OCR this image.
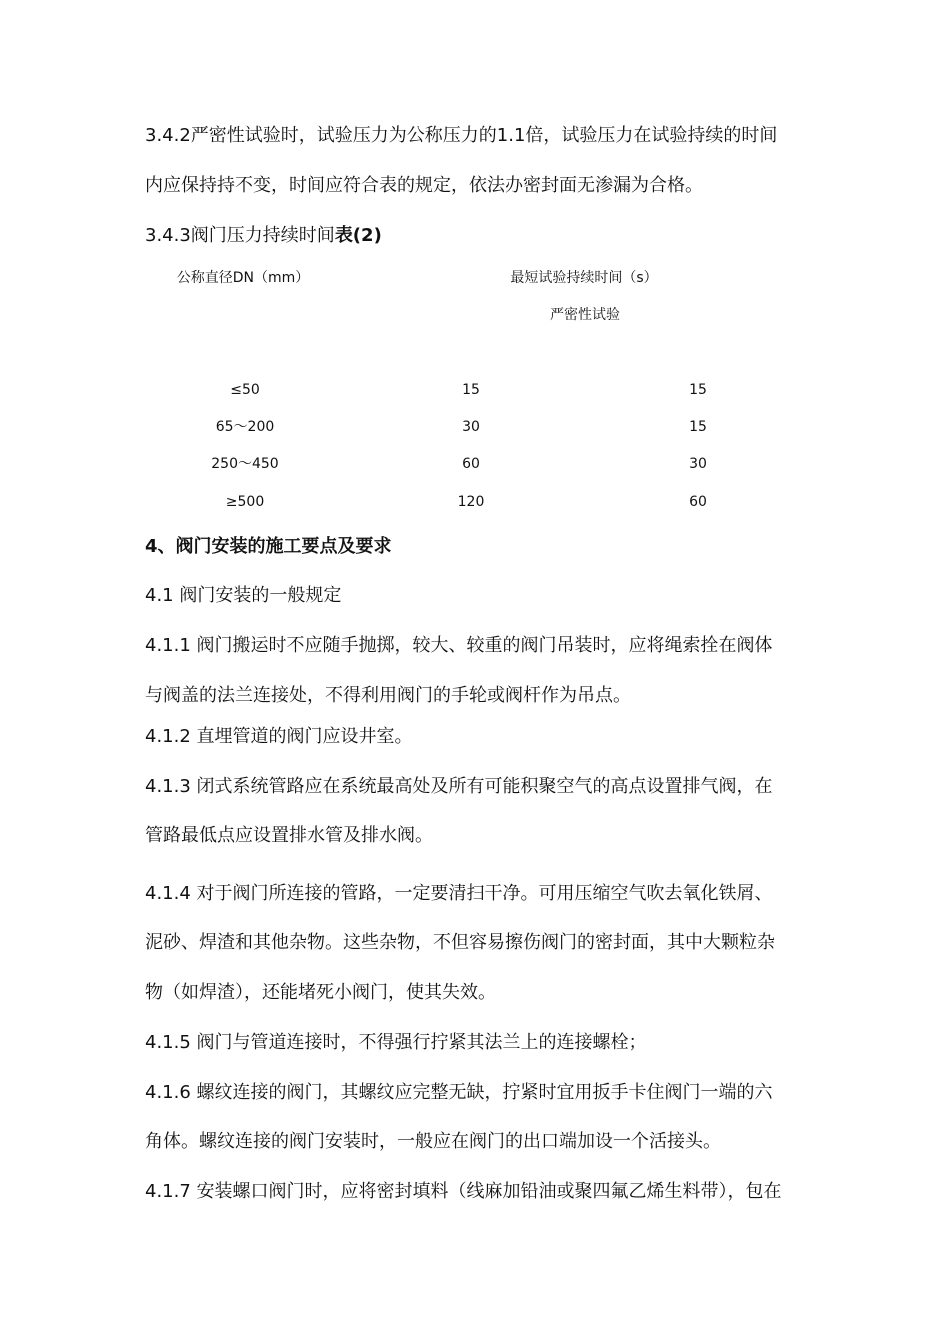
3.4.2严密性试验时，试验压力为公称压力的1.1倍，试验压力在试验持续的时间
内应保持持不变，时间应符合表的规定，依法办密封面无渗漏为合格。
3.4.3阀门压力持续时间表(2)
公称直径DN（mm）	最短试验持续时间（s）
严密性试验
≤50	15	15
65～200	30	15
250～450	60	30
≥500	120	60
4、阀门安装的施工要点及要求
4.1 阀门安装的一般规定
4.1.1 阀门搬运时不应随手抛掷，较大、较重的阀门吊装时，应将绳索拴在阀体
与阀盖的法兰连接处，不得利用阀门的手轮或阀杆作为吊点。
4.1.2 直埋管道的阀门应设井室。
4.1.3 闭式系统管路应在系统最高处及所有可能积聚空气的高点设置排气阀，在
管路最低点应设置排水管及排水阀。
4.1.4 对于阀门所连接的管路，一定要清扫干净。可用压缩空气吹去氧化铁屑、
泥砂、焊渣和其他杂物。这些杂物，不但容易擦伤阀门的密封面，其中大颗粒杂
物（如焊渣），还能堵死小阀门，使其失效。
4.1.5 阀门与管道连接时，不得强行拧紧其法兰上的连接螺栓；
4.1.6 螺纹连接的阀门，其螺纹应完整无缺，拧紧时宜用扳手卡住阀门一端的六
角体。螺纹连接的阀门安装时，一般应在阀门的出口端加设一个活接头。
4.1.7 安装螺口阀门时，应将密封填料（线麻加铅油或聚四氟乙烯生料带），包在
